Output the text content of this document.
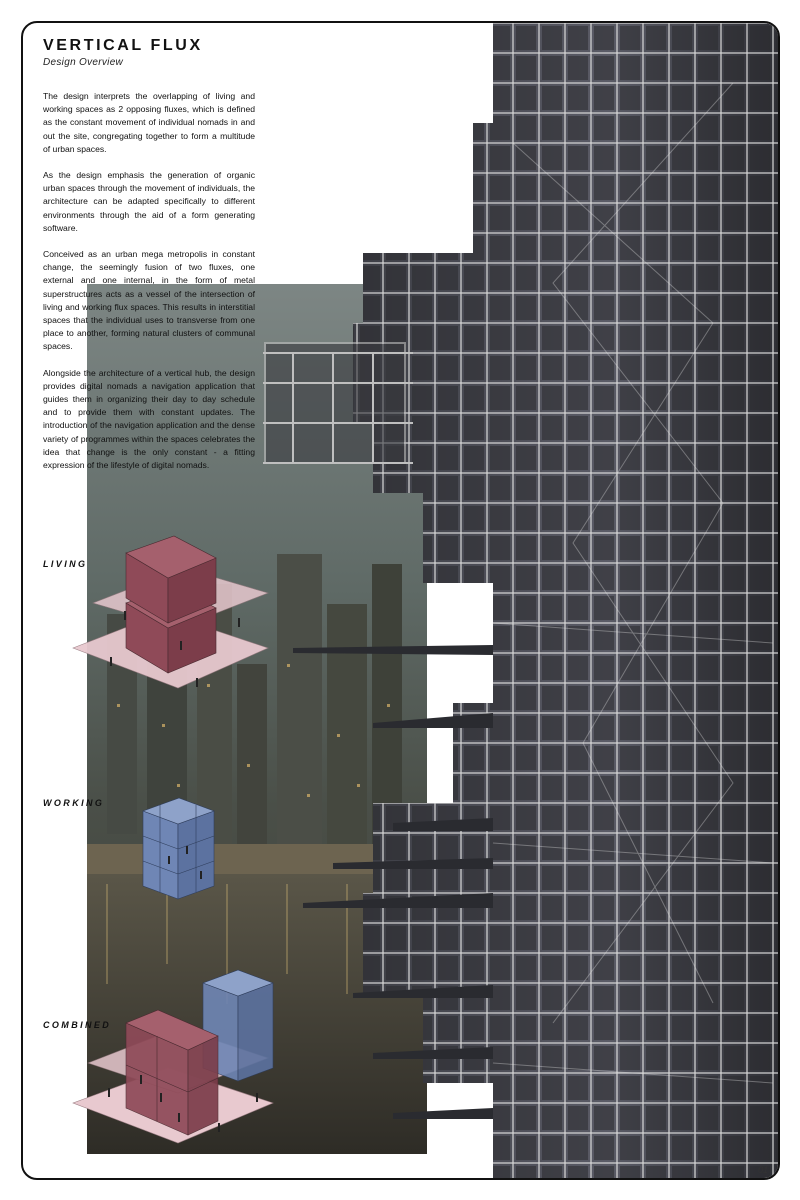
VERTICAL FLUX
Design Overview

The design interprets the overlapping of living and working spaces as 2 opposing fluxes, which is defined as the constant movement of individual nomads in and out the site, congregating together to form a multitude of urban spaces.

As the design emphasis the generation of organic urban spaces through the movement of individuals, the architecture can be adapted specifically to different environments through the aid of a form generating software.

Conceived as an urban mega metropolis in constant change, the seemingly fusion of two fluxes, one external and one internal, in the form of metal superstructures acts as a vessel of the intersection of living and working flux spaces. This results in interstitial spaces that the individual uses to transverse from one place to another, forming natural clusters of communal spaces.

Alongside the architecture of a vertical hub, the design provides digital nomads a navigation application that guides them in organizing their day to day schedule and to provide them with constant updates. The introduction of the navigation application and the dense variety of programmes within the spaces celebrates the idea that change is the only constant - a fitting expression of the lifestyle of digital nomads.

LIVING
WORKING
COMBINED
01
